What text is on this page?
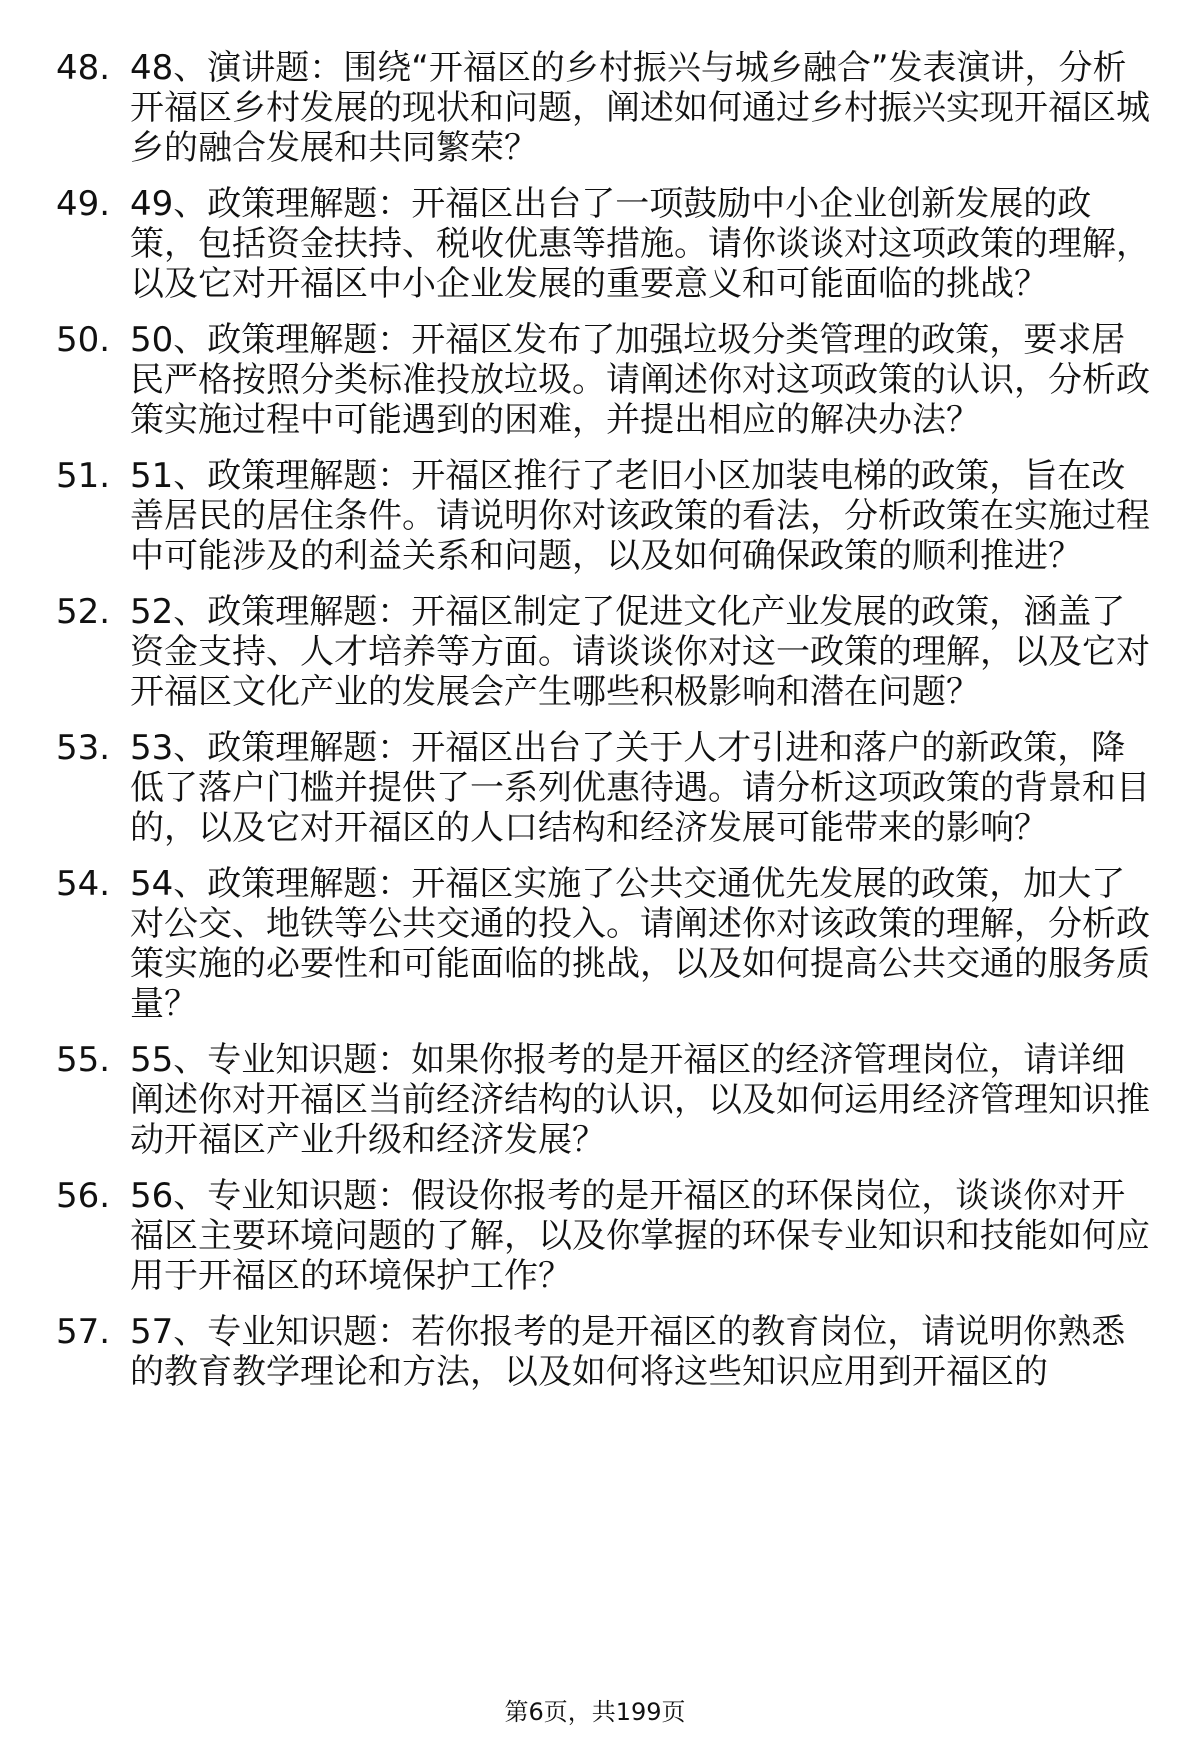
48. 48、演讲题：围绕“开福区的乡村振兴与城乡融合”发表演讲，分析开福区乡村发展的现状和问题，阐述如何通过乡村振兴实现开福区城乡的融合发展和共同繁荣？
49. 49、政策理解题：开福区出台了一项鼓励中小企业创新发展的政策，包括资金扶持、税收优惠等措施。请你谈谈对这项政策的理解，以及它对开福区中小企业发展的重要意义和可能面临的挑战？
50. 50、政策理解题：开福区发布了加强垃圾分类管理的政策，要求居民严格按照分类标准投放垃圾。请阐述你对这项政策的认识，分析政策实施过程中可能遇到的困难，并提出相应的解决办法？
51. 51、政策理解题：开福区推行了老旧小区加装电梯的政策，旨在改善居民的居住条件。请说明你对该政策的看法，分析政策在实施过程中可能涉及的利益关系和问题，以及如何确保政策的顺利推进？
52. 52、政策理解题：开福区制定了促进文化产业发展的政策，涵盖了资金支持、人才培养等方面。请谈谈你对这一政策的理解，以及它对开福区文化产业的发展会产生哪些积极影响和潜在问题？
53. 53、政策理解题：开福区出台了关于人才引进和落户的新政策，降低了落户门槛并提供了一系列优惠待遇。请分析这项政策的背景和目的，以及它对开福区的人口结构和经济发展可能带来的影响？
54. 54、政策理解题：开福区实施了公共交通优先发展的政策，加大了对公交、地铁等公共交通的投入。请阐述你对该政策的理解，分析政策实施的必要性和可能面临的挑战，以及如何提高公共交通的服务质量？
55. 55、专业知识题：如果你报考的是开福区的经济管理岗位，请详细阐述你对开福区当前经济结构的认识，以及如何运用经济管理知识推动开福区产业升级和经济发展？
56. 56、专业知识题：假设你报考的是开福区的环保岗位，谈谈你对开福区主要环境问题的了解，以及你掌握的环保专业知识和技能如何应用于开福区的环境保护工作？
57. 57、专业知识题：若你报考的是开福区的教育岗位，请说明你熟悉的教育教学理论和方法，以及如何将这些知识应用到开福区的
第6页，共199页
